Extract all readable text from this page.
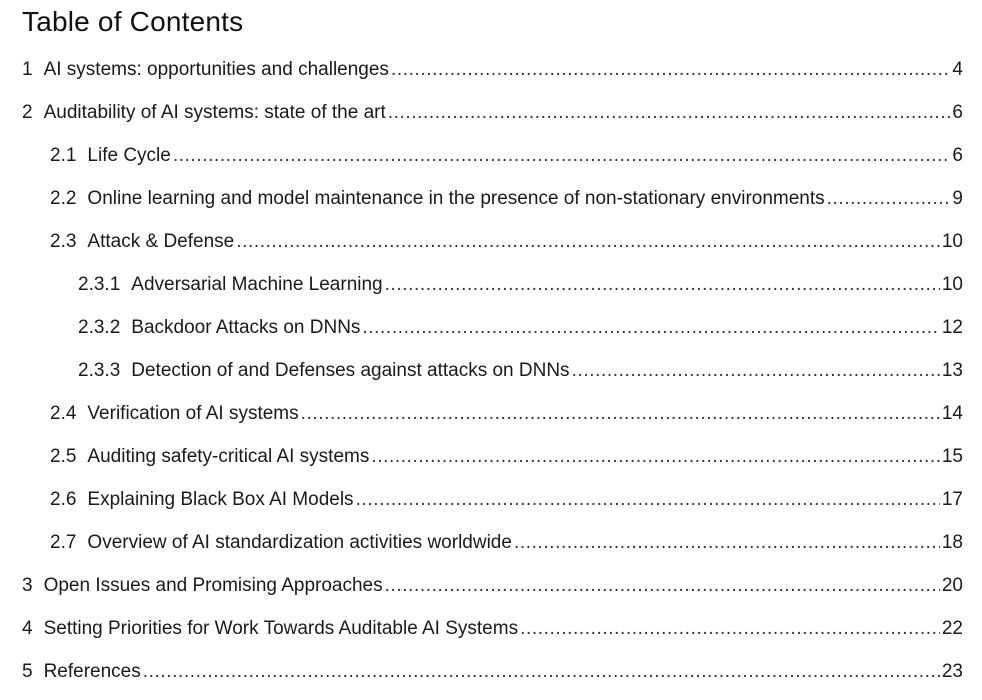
Table of Contents
1 AI systems: opportunities and challenges .....	4
2 Auditability of AI systems: state of the art .....	6
2.1 Life Cycle .....	6
2.2 Online learning and model maintenance in the presence of non-stationary environments .....	9
2.3 Attack & Defense .....	10
2.3.1 Adversarial Machine Learning .....	10
2.3.2 Backdoor Attacks on DNNs .....	12
2.3.3 Detection of and Defenses against attacks on DNNs .....	13
2.4 Verification of AI systems .....	14
2.5 Auditing safety-critical AI systems .....	15
2.6 Explaining Black Box AI Models .....	17
2.7 Overview of AI standardization activities worldwide .....	18
3 Open Issues and Promising Approaches .....	20
4 Setting Priorities for Work Towards Auditable AI Systems .....	22
5 References .....	23
